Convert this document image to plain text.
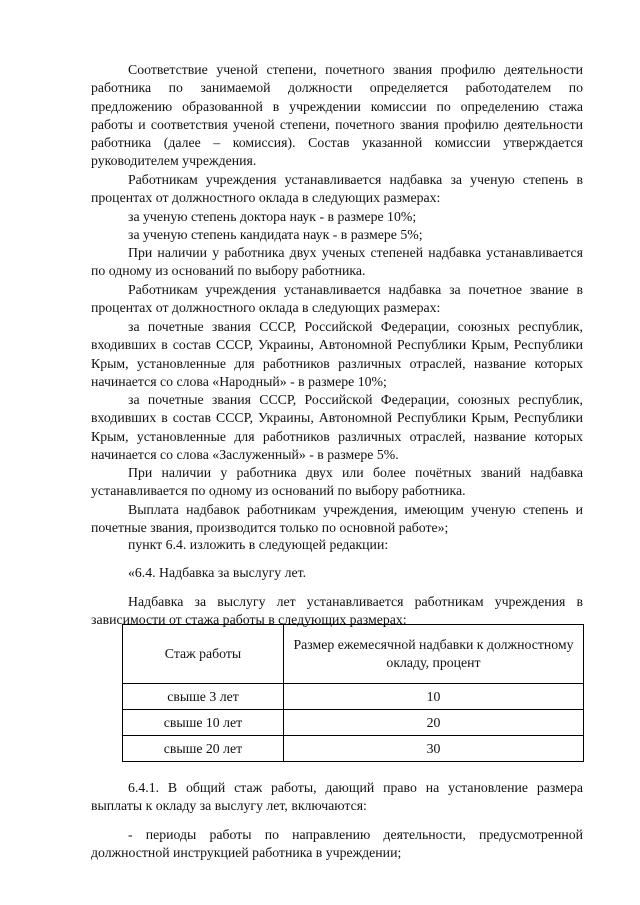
Соответствие ученой степени, почетного звания профилю деятельности работника по занимаемой должности определяется работодателем по предложению образованной в учреждении комиссии по определению стажа работы и соответствия ученой степени, почетного звания профилю деятельности работника (далее – комиссия). Состав указанной комиссии утверждается руководителем учреждения.

Работникам учреждения устанавливается надбавка за ученую степень в процентах от должностного оклада в следующих размерах:

за ученую степень доктора наук - в размере 10%;

за ученую степень кандидата наук - в размере 5%;

При наличии у работника двух ученых степеней надбавка устанавливается по одному из оснований по выбору работника.

Работникам учреждения устанавливается надбавка за почетное звание в процентах от должностного оклада в следующих размерах:

за почетные звания СССР, Российской Федерации, союзных республик, входивших в состав СССР, Украины, Автономной Республики Крым, Республики Крым, установленные для работников различных отраслей, название которых начинается со слова «Народный» - в размере 10%;

за почетные звания СССР, Российской Федерации, союзных республик, входивших в состав СССР, Украины, Автономной Республики Крым, Республики Крым, установленные для работников различных отраслей, название которых начинается со слова «Заслуженный» - в размере 5%.

При наличии у работника двух или более почётных званий надбавка устанавливается по одному из оснований по выбору работника.

Выплата надбавок работникам учреждения, имеющим ученую степень и почетные звания, производится только по основной работе»;

пункт 6.4. изложить в следующей редакции:

«6.4. Надбавка за выслугу лет.

Надбавка за выслугу лет устанавливается работникам учреждения в зависимости от стажа работы в следующих размерах:

Стаж работы	Размер ежемесячной надбавки к должностному окладу, процент
свыше 3 лет	10
свыше 10 лет	20
свыше 20 лет	30

6.4.1. В общий стаж работы, дающий право на установление размера выплаты к окладу за выслугу лет, включаются:

- периоды работы по направлению деятельности, предусмотренной должностной инструкцией работника в учреждении;
